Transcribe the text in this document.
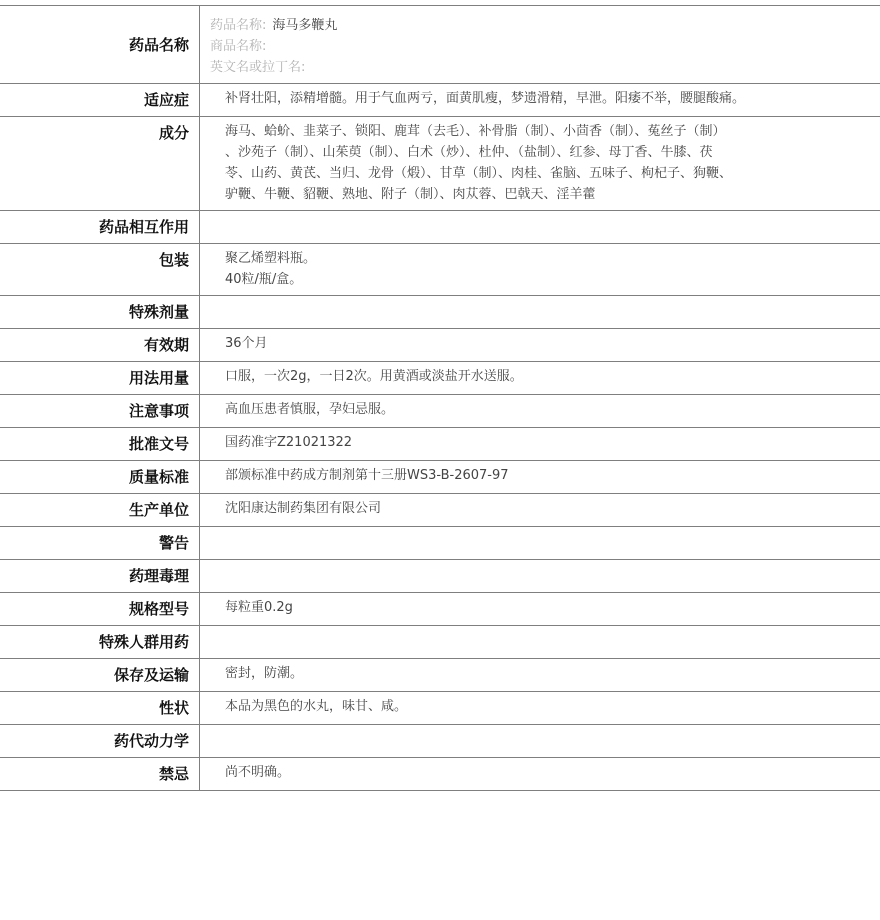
药品名称
药品名称: 海马多鞭丸
商品名称:
英文名或拉丁名:
适应症	补肾壮阳，添精增髓。用于气血两亏，面黄肌瘦，梦遗滑精，早泄。阳痿不举，腰腿酸痛。
成分	海马、蛤蚧、韭菜子、锁阳、鹿茸（去毛）、补骨脂（制）、小茴香（制）、菟丝子（制）
、沙苑子（制）、山茱萸（制）、白术（炒）、杜仲、（盐制）、红参、母丁香、牛膝、茯
苓、山药、黄芪、当归、龙骨（煅）、甘草（制）、肉桂、雀脑、五味子、枸杞子、狗鞭、
驴鞭、牛鞭、貂鞭、熟地、附子（制）、肉苁蓉、巴戟天、淫羊藿
药品相互作用
包装	聚乙烯塑料瓶。
40粒/瓶/盒。
特殊剂量
有效期	36个月
用法用量	口服，一次2g，一日2次。用黄酒或淡盐开水送服。
注意事项	高血压患者慎服，孕妇忌服。
批准文号	国药准字Z21021322
质量标准	部颁标准中药成方制剂第十三册WS3-B-2607-97
生产单位	沈阳康达制药集团有限公司
警告
药理毒理
规格型号	每粒重0.2g
特殊人群用药
保存及运输	密封，防潮。
性状	本品为黑色的水丸，味甘、咸。
药代动力学
禁忌	尚不明确。
